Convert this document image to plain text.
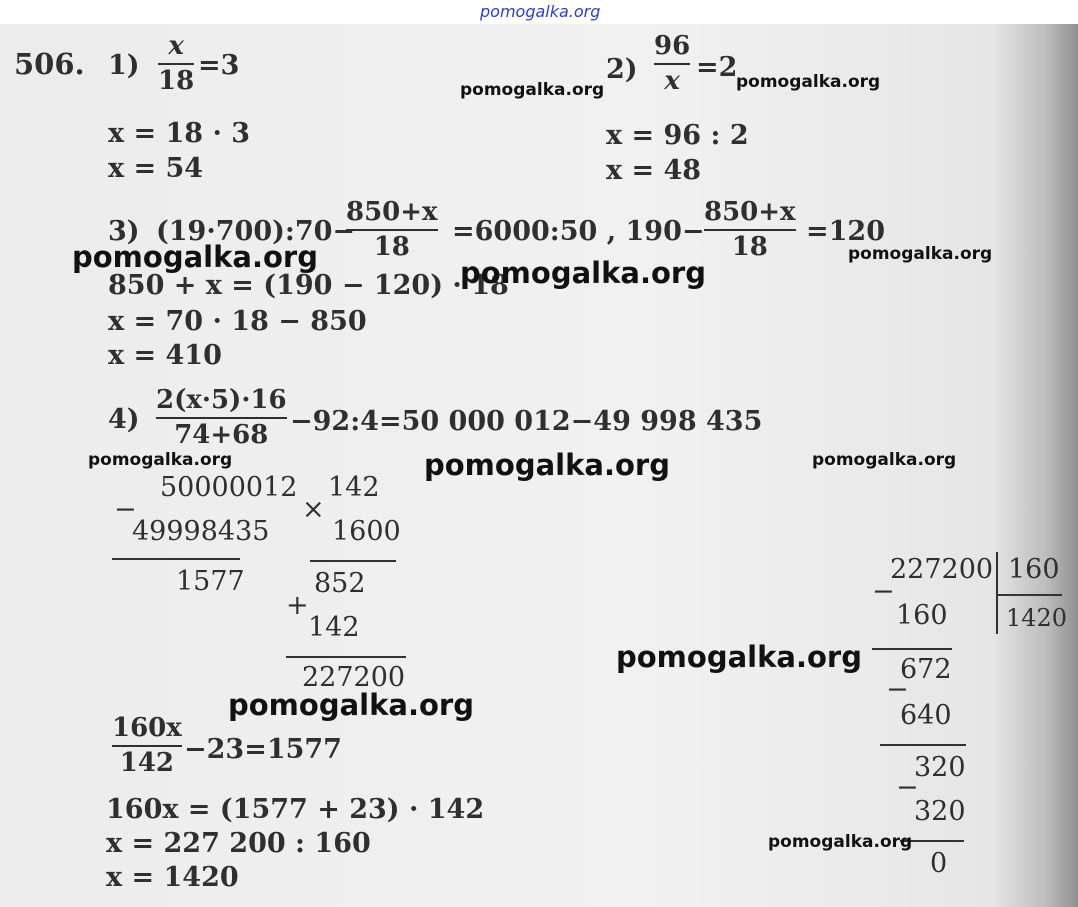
pomogalka.org
506. 1)
x
18 =3
x = 18 · 3
x = 54
2)
96
x =2
x = 96 : 2
x = 48
3) (19·700):70−
850+x
18 =6000:50 , 190−
850+x
18 =120
850 + x = (190 − 120) · 18
x = 70 · 18 − 850
x = 410
4)
2(x·5)·16
74+68 −92:4=50 000 012−49 998 435
50000012
−
49998435
1577
142
×
1600
852
+
142
227200
160x
142 −23=1577
160x = (1577 + 23) · 142
x = 227 200 : 160
x = 1420
227200 160
1420
−
160
672
−
640
320
−
320
0
pomogalka.org	pomogalka.org
pomogalka.org	pomogalka.org
pomogalka.org
pomogalka.org	pomogalka.org	pomogalka.org
pomogalka.org
pomogalka.org
pomogalka.org
